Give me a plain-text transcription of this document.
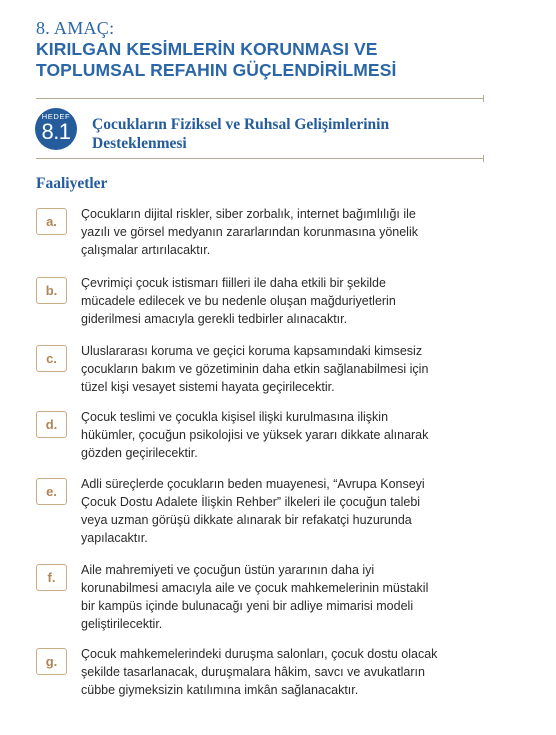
8. AMAÇ:
KIRILGAN KESİMLERİN KORUNMASI VE
TOPLUMSAL REFAHIN GÜÇLENDİRİLMESİ
HEDEF
8.1	Çocukların Fiziksel ve Ruhsal Gelişimlerinin
Desteklenmesi
Faaliyetler
a.	Çocukların dijital riskler, siber zorbalık, internet bağımlılığı ile
yazılı ve görsel medyanın zararlarından korunmasına yönelik
çalışmalar artırılacaktır.
b.	Çevrimiçi çocuk istismarı fiilleri ile daha etkili bir şekilde
mücadele edilecek ve bu nedenle oluşan mağduriyetlerin
giderilmesi amacıyla gerekli tedbirler alınacaktır.
c.	Uluslararası koruma ve geçici koruma kapsamındaki kimsesiz
çocukların bakım ve gözetiminin daha etkin sağlanabilmesi için
tüzel kişi vesayet sistemi hayata geçirilecektir.
d.	Çocuk teslimi ve çocukla kişisel ilişki kurulmasına ilişkin
hükümler, çocuğun psikolojisi ve yüksek yararı dikkate alınarak
gözden geçirilecektir.
e.	Adli süreçlerde çocukların beden muayenesi, “Avrupa Konseyi
Çocuk Dostu Adalete İlişkin Rehber” ilkeleri ile çocuğun talebi
veya uzman görüşü dikkate alınarak bir refakatçi huzurunda
yapılacaktır.
f.	Aile mahremiyeti ve çocuğun üstün yararının daha iyi
korunabilmesi amacıyla aile ve çocuk mahkemelerinin müstakil
bir kampüs içinde bulunacağı yeni bir adliye mimarisi modeli
geliştirilecektir.
g.	Çocuk mahkemelerindeki duruşma salonları, çocuk dostu olacak
şekilde tasarlanacak, duruşmalara hâkim, savcı ve avukatların
cübbe giymeksizin katılımına imkân sağlanacaktır.
